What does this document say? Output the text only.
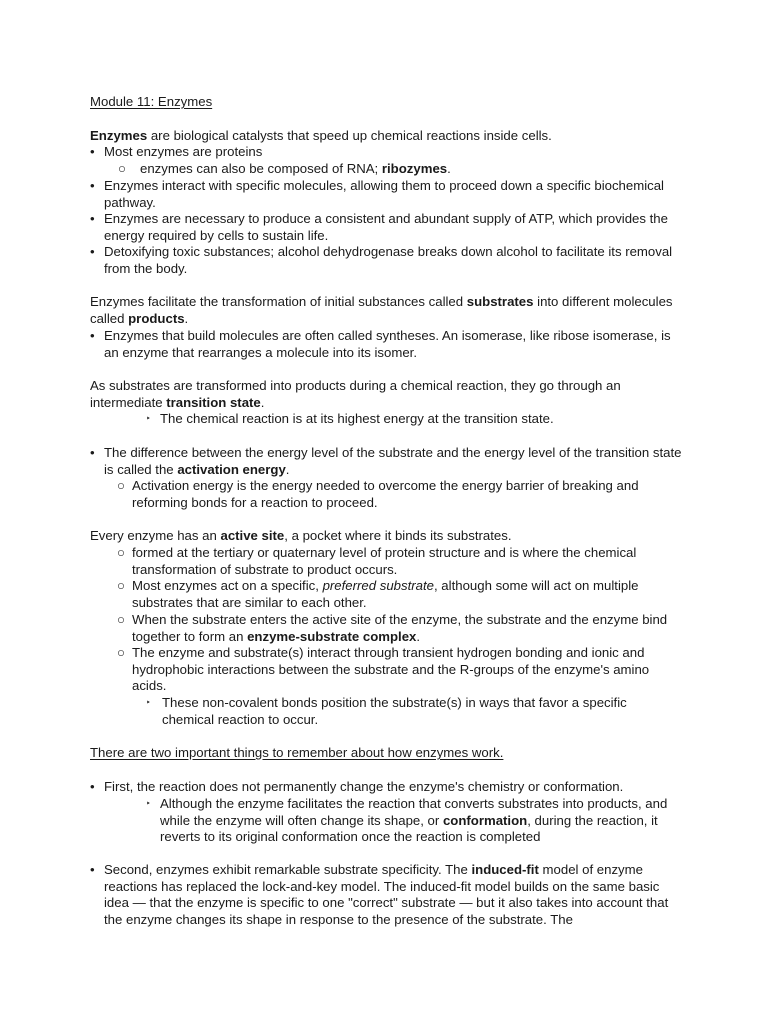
Module 11: Enzymes

Enzymes are biological catalysts that speed up chemical reactions inside cells.

• Most enzymes are proteins

○ enzymes can also be composed of RNA; ribozymes.

• Enzymes interact with specific molecules, allowing them to proceed down a specific biochemical pathway.

• Enzymes are necessary to produce a consistent and abundant supply of ATP, which provides the energy required by cells to sustain life.

• Detoxifying toxic substances; alcohol dehydrogenase breaks down alcohol to facilitate its removal from the body.

Enzymes facilitate the transformation of initial substances called substrates into different molecules called products.

• Enzymes that build molecules are often called syntheses. An isomerase, like ribose isomerase, is an enzyme that rearranges a molecule into its isomer.

As substrates are transformed into products during a chemical reaction, they go through an intermediate transition state.

‣ The chemical reaction is at its highest energy at the transition state.

• The difference between the energy level of the substrate and the energy level of the transition state is called the activation energy.

○ Activation energy is the energy needed to overcome the energy barrier of breaking and reforming bonds for a reaction to proceed.

Every enzyme has an active site, a pocket where it binds its substrates.

○ formed at the tertiary or quaternary level of protein structure and is where the chemical transformation of substrate to product occurs.

○ Most enzymes act on a specific, preferred substrate, although some will act on multiple substrates that are similar to each other.

○ When the substrate enters the active site of the enzyme, the substrate and the enzyme bind together to form an enzyme-substrate complex.

○ The enzyme and substrate(s) interact through transient hydrogen bonding and ionic and hydrophobic interactions between the substrate and the R-groups of the enzyme's amino acids.

‣ These non-covalent bonds position the substrate(s) in ways that favor a specific chemical reaction to occur.

There are two important things to remember about how enzymes work.

• First, the reaction does not permanently change the enzyme's chemistry or conformation.

‣ Although the enzyme facilitates the reaction that converts substrates into products, and while the enzyme will often change its shape, or conformation, during the reaction, it reverts to its original conformation once the reaction is completed

• Second, enzymes exhibit remarkable substrate specificity. The induced-fit model of enzyme reactions has replaced the lock-and-key model. The induced-fit model builds on the same basic idea — that the enzyme is specific to one "correct" substrate — but it also takes into account that the enzyme changes its shape in response to the presence of the substrate. The
